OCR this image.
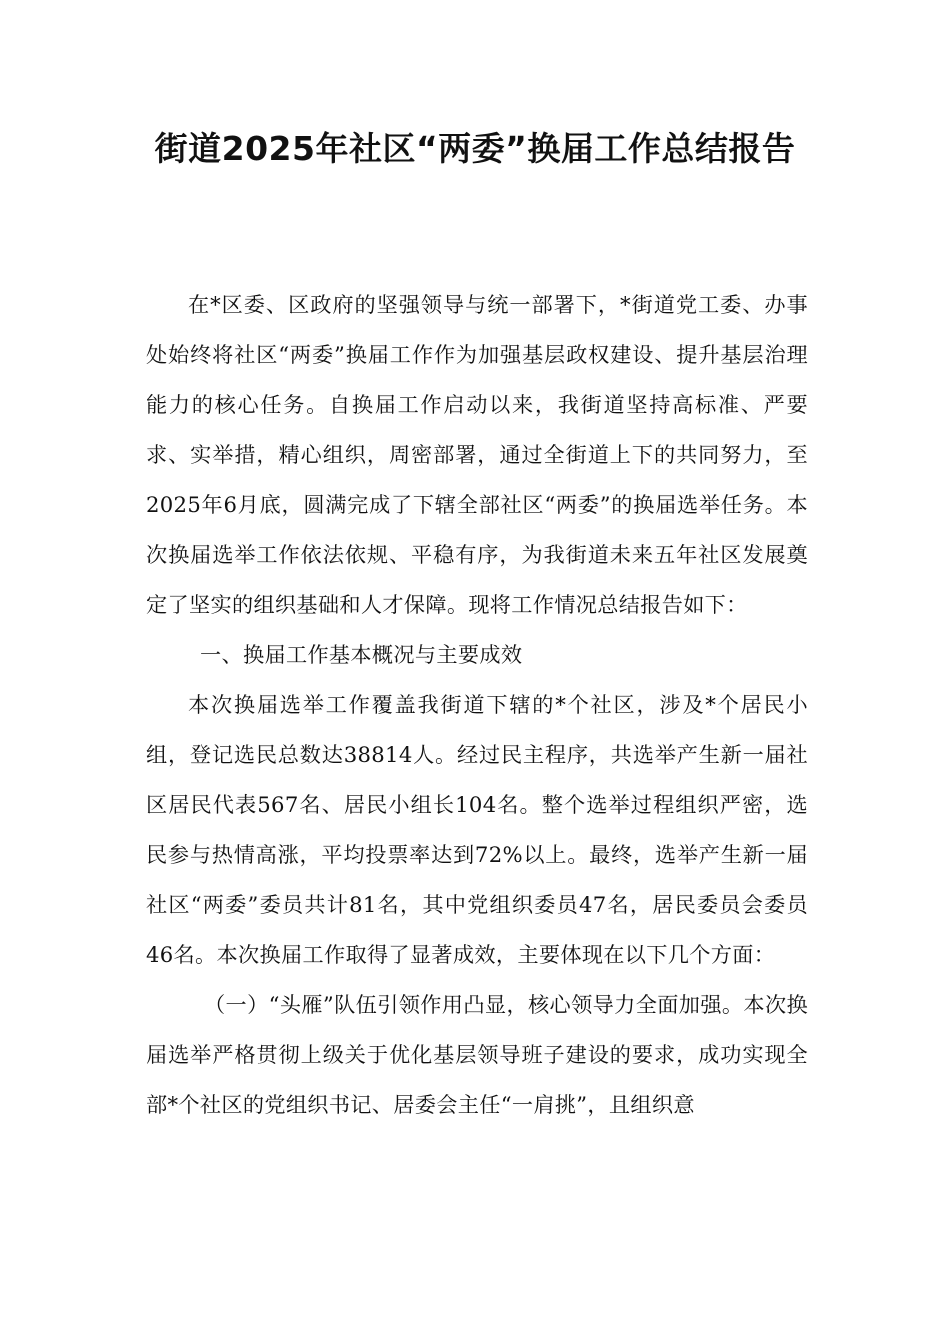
街道2025年社区“两委”换届工作总结报告

在*区委、区政府的坚强领导与统一部署下，*街道党工委、办事处始终将社区“两委”换届工作作为加强基层政权建设、提升基层治理能力的核心任务。自换届工作启动以来，我街道坚持高标准、严要求、实举措，精心组织，周密部署，通过全街道上下的共同努力，至2025年6月底，圆满完成了下辖全部社区“两委”的换届选举任务。本次换届选举工作依法依规、平稳有序，为我街道未来五年社区发展奠定了坚实的组织基础和人才保障。现将工作情况总结报告如下：

一、换届工作基本概况与主要成效

本次换届选举工作覆盖我街道下辖的*个社区，涉及*个居民小组，登记选民总数达38814人。经过民主程序，共选举产生新一届社区居民代表567名、居民小组长104名。整个选举过程组织严密，选民参与热情高涨，平均投票率达到72%以上。最终，选举产生新一届社区“两委”委员共计81名，其中党组织委员47名，居民委员会委员46名。本次换届工作取得了显著成效，主要体现在以下几个方面：

（一）“头雁”队伍引领作用凸显，核心领导力全面加强。本次换届选举严格贯彻上级关于优化基层领导班子建设的要求，成功实现全部*个社区的党组织书记、居委会主任“一肩挑”，且组织意
